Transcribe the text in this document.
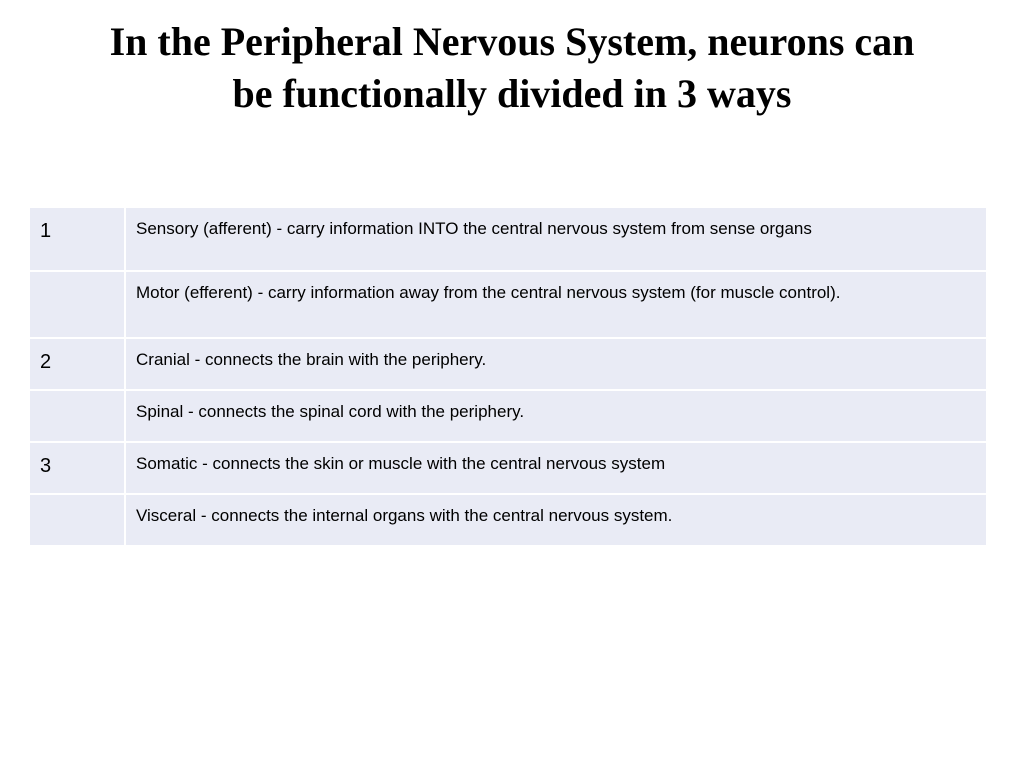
In the Peripheral Nervous System, neurons can
be functionally divided in 3 ways
1	Sensory (afferent) - carry information INTO the central nervous system from sense organs
	Motor (efferent) - carry information away from the central nervous system (for muscle control).
2	Cranial - connects the brain with the periphery.
	Spinal - connects the spinal cord with the periphery.
3	Somatic - connects the skin or muscle with the central nervous system
	Visceral - connects the internal organs with the central nervous system.
